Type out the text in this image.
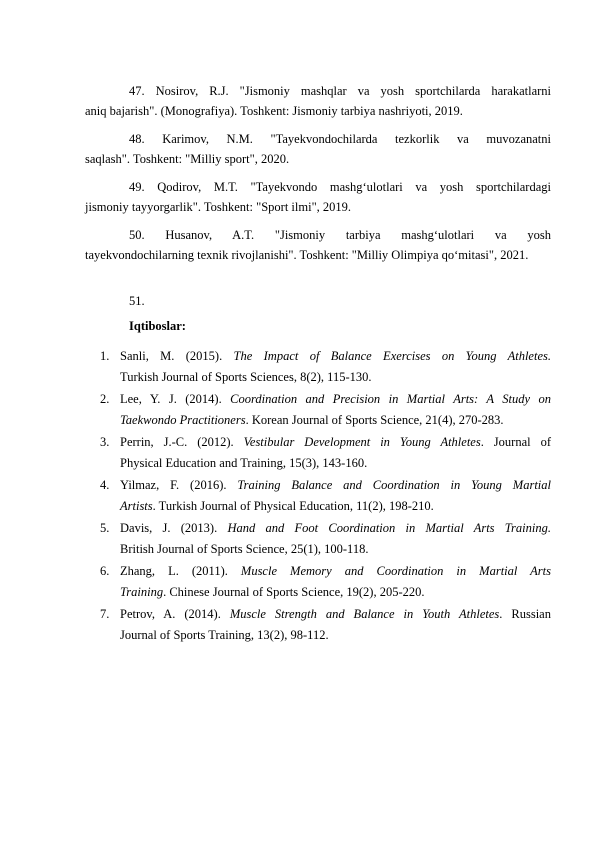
47. Nosirov, R.J. "Jismoniy mashqlar va yosh sportchilarda harakatlarni
aniq bajarish". (Monografiya). Toshkent: Jismoniy tarbiya nashriyoti, 2019.
48. Karimov, N.M. "Tayekvondochilarda tezkorlik va muvozanatni
saqlash". Toshkent: "Milliy sport", 2020.
49. Qodirov, M.T. "Tayekvondo mashg‘ulotlari va yosh sportchilardagi
jismoniy tayyorgarlik". Toshkent: "Sport ilmi", 2019.
50. Husanov, A.T. "Jismoniy tarbiya mashg‘ulotlari va yosh
tayekvondochilarning texnik rivojlanishi". Toshkent: "Milliy Olimpiya qo‘mitasi", 2021.
51.
Iqtiboslar:
1. Sanli, M. (2015). The Impact of Balance Exercises on Young Athletes.
Turkish Journal of Sports Sciences, 8(2), 115-130.
2. Lee, Y. J. (2014). Coordination and Precision in Martial Arts: A Study on
Taekwondo Practitioners. Korean Journal of Sports Science, 21(4), 270-283.
3. Perrin, J.-C. (2012). Vestibular Development in Young Athletes. Journal of
Physical Education and Training, 15(3), 143-160.
4. Yilmaz, F. (2016). Training Balance and Coordination in Young Martial
Artists. Turkish Journal of Physical Education, 11(2), 198-210.
5. Davis, J. (2013). Hand and Foot Coordination in Martial Arts Training.
British Journal of Sports Science, 25(1), 100-118.
6. Zhang, L. (2011). Muscle Memory and Coordination in Martial Arts
Training. Chinese Journal of Sports Science, 19(2), 205-220.
7. Petrov, A. (2014). Muscle Strength and Balance in Youth Athletes. Russian
Journal of Sports Training, 13(2), 98-112.
